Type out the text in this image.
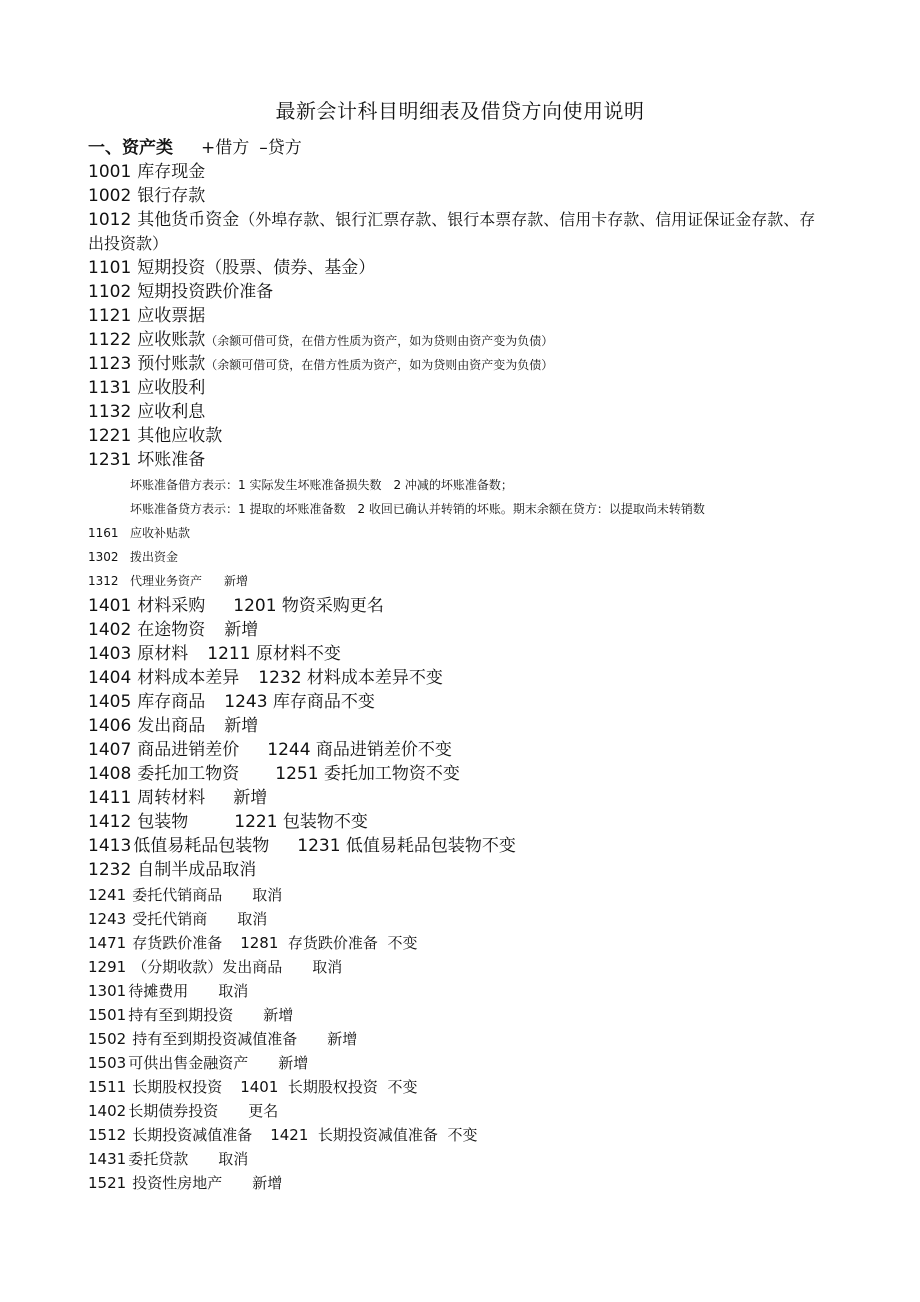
最新会计科目明细表及借贷方向使用说明
一、资产类 +借方 –贷方
1001 库存现金
1002 银行存款
1012 其他货币资金（外埠存款、银行汇票存款、银行本票存款、信用卡存款、信用证保证金存款、存
出投资款）
1101 短期投资（股票、债券、基金）
1102 短期投资跌价准备
1121 应收票据
1122 应收账款（余额可借可贷，在借方性质为资产，如为贷则由资产变为负债）
1123 预付账款（余额可借可贷，在借方性质为资产，如为贷则由资产变为负债）
1131 应收股利
1132 应收利息
1221 其他应收款
1231 坏账准备
坏账准备借方表示：1 实际发生坏账准备损失数　2 冲减的坏账准备数；
坏账准备贷方表示：1 提取的坏账准备数　2 收回已确认并转销的坏账。期末余额在贷方：以提取尚未转销数
1161 应收补贴款
1302 拨出资金
1312 代理业务资产 新增
1401 材料采购 1201 物资采购更名
1402 在途物资 新增
1403 原材料 1211 原材料不变
1404 材料成本差异 1232 材料成本差异不变
1405 库存商品 1243 库存商品不变
1406 发出商品 新增
1407 商品进销差价 1244 商品进销差价不变
1408 委托加工物资 1251 委托加工物资不变
1411 周转材料 新增
1412 包装物	1221 包装物不变
1413 低值易耗品包装物 1231 低值易耗品包装物不变
1232 自制半成品取消
1241 委托代销商品 取消
1243 受托代销商 取消
1471 存货跌价准备 1281  存货跌价准备  不变
1291 （分期收款）发出商品 取消
1301 待摊费用 取消
1501 持有至到期投资 新增
1502 持有至到期投资减值准备 新增
1503 可供出售金融资产 新增
1511 长期股权投资 1401  长期股权投资  不变
1402 长期债券投资 更名
1512 长期投资减值准备 1421  长期投资减值准备  不变
1431 委托贷款 取消
1521 投资性房地产 新增
